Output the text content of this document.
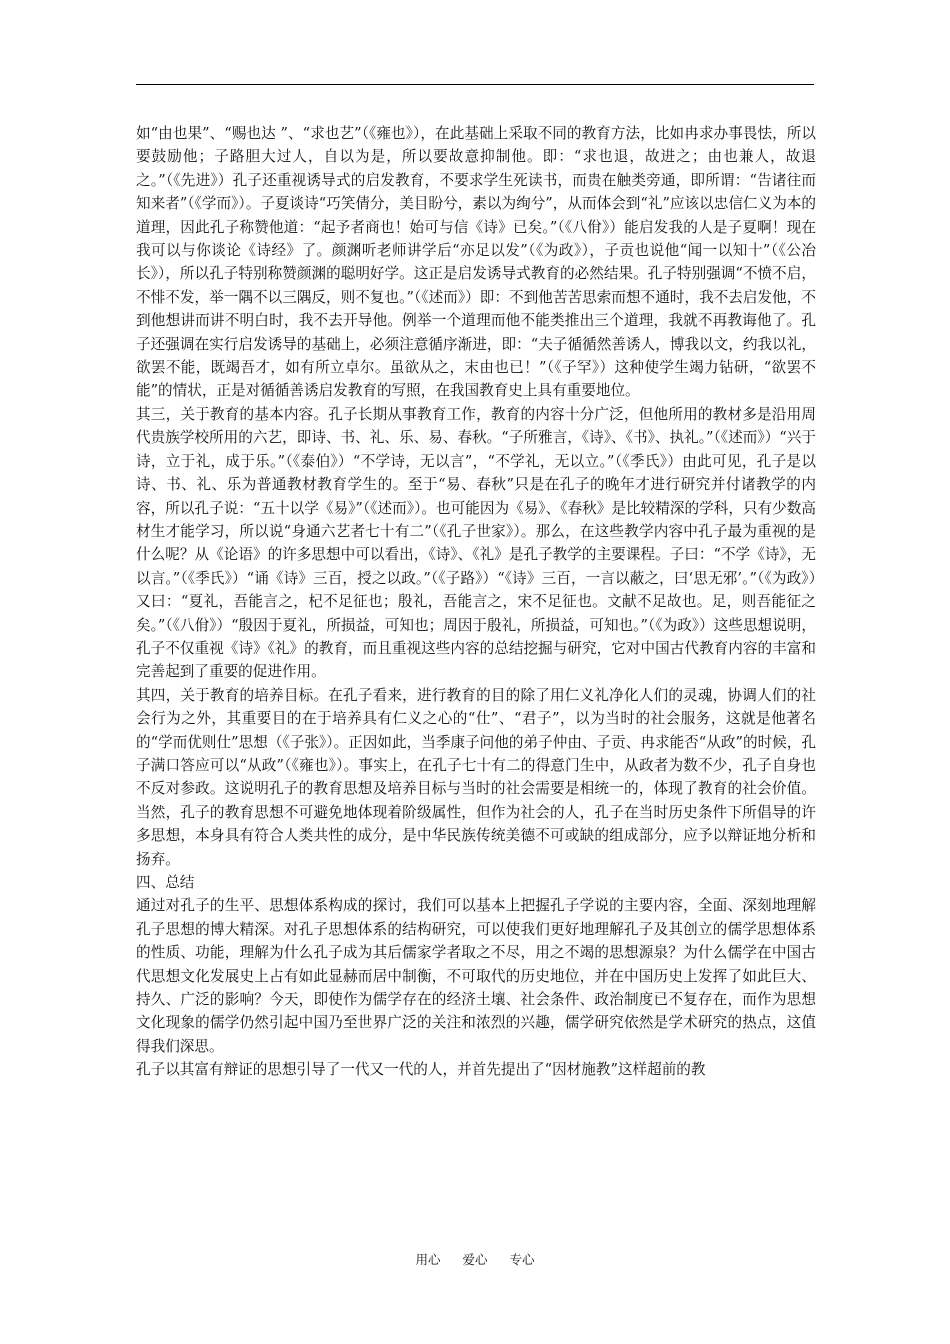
如“由也果”、“赐也达 ”、“求也艺”（《雍也》），在此基础上采取不同的教育方法，比如冉求办事畏怯，所以要鼓励他；子路胆大过人，自以为是，所以要故意抑制他。即：“求也退，故进之；由也兼人，故退之。”（《先进》）孔子还重视诱导式的启发教育，不要求学生死读书，而贵在触类旁通，即所谓：“告诸往而知来者”（《学而》）。子夏谈诗“巧笑倩分，美目盼兮，素以为绚兮”，从而体会到“礼”应该以忠信仁义为本的道理，因此孔子称赞他道：“起予者商也！始可与信《诗》已矣。”（《八佾》）能启发我的人是子夏啊！现在我可以与你谈论《诗经》了。颜渊听老师讲学后“亦足以发”（《为政》），子贡也说他“闻一以知十”（《公冶长》），所以孔子特别称赞颜渊的聪明好学。这正是启发诱导式教育的必然结果。孔子特别强调“不愤不启，不悱不发，举一隅不以三隅反，则不复也。”（《述而》）即：不到他苦苦思索而想不通时，我不去启发他，不到他想讲而讲不明白时，我不去开导他。例举一个道理而他不能类推出三个道理，我就不再教诲他了。孔子还强调在实行启发诱导的基础上，必须注意循序渐进，即：“夫子循循然善诱人，博我以文，约我以礼，欲罢不能，既竭吾才，如有所立卓尔。虽欲从之，末由也已！”（《子罕》）这种使学生竭力钻研，“欲罢不能”的情状，正是对循循善诱启发教育的写照，在我国教育史上具有重要地位。

其三，关于教育的基本内容。孔子长期从事教育工作，教育的内容十分广泛，但他所用的教材多是沿用周代贵族学校所用的六艺，即诗、书、礼、乐、易、春秋。“子所雅言，《诗》、《书》、执礼。”（《述而》）“兴于诗，立于礼，成于乐。”（《泰伯》）“不学诗，无以言”，“不学礼，无以立。”（《季氏》）由此可见，孔子是以诗、书、礼、乐为普通教材教育学生的。至于“易、春秋”只是在孔子的晚年才进行研究并付诸教学的内容，所以孔子说：“五十以学《易》”（《述而》）。也可能因为《易》、《春秋》是比较精深的学科，只有少数高材生才能学习，所以说“身通六艺者七十有二”（《孔子世家》）。那么，在这些教学内容中孔子最为重视的是什么呢？从《论语》的许多思想中可以看出，《诗》、《礼》是孔子教学的主要课程。子曰：“不学《诗》，无以言。”（《季氏》）“诵《诗》三百，授之以政。”（《子路》）“《诗》三百，一言以蔽之，曰‘思无邪’。”（《为政》）又曰：“夏礼，吾能言之，杞不足征也；殷礼，吾能言之，宋不足征也。文献不足故也。足，则吾能征之矣。”（《八佾》）“殷因于夏礼，所损益，可知也；周因于殷礼，所损益，可知也。”（《为政》）这些思想说明，孔子不仅重视《诗》《礼》的教育，而且重视这些内容的总结挖掘与研究，它对中国古代教育内容的丰富和完善起到了重要的促进作用。

其四，关于教育的培养目标。在孔子看来，进行教育的目的除了用仁义礼净化人们的灵魂，协调人们的社会行为之外，其重要目的在于培养具有仁义之心的“仕”、“君子”，以为当时的社会服务，这就是他著名的“学而优则仕”思想（《子张》）。正因如此，当季康子问他的弟子仲由、子贡、冉求能否“从政”的时候，孔子满口答应可以“从政”（《雍也》）。事实上，在孔子七十有二的得意门生中，从政者为数不少，孔子自身也不反对参政。这说明孔子的教育思想及培养目标与当时的社会需要是相统一的，体现了教育的社会价值。当然，孔子的教育思想不可避免地体现着阶级属性，但作为社会的人，孔子在当时历史条件下所倡导的许多思想，本身具有符合人类共性的成分，是中华民族传统美德不可或缺的组成部分，应予以辩证地分析和扬弃。

四、总结

通过对孔子的生平、思想体系构成的探讨，我们可以基本上把握孔子学说的主要内容，全面、深刻地理解孔子思想的博大精深。对孔子思想体系的结构研究，可以使我们更好地理解孔子及其创立的儒学思想体系的性质、功能，理解为什么孔子成为其后儒家学者取之不尽，用之不竭的思想源泉？为什么儒学在中国古代思想文化发展史上占有如此显赫而居中制衡，不可取代的历史地位，并在中国历史上发挥了如此巨大、持久、广泛的影响？今天，即使作为儒学存在的经济土壤、社会条件、政治制度已不复存在，而作为思想文化现象的儒学仍然引起中国乃至世界广泛的关注和浓烈的兴趣，儒学研究依然是学术研究的热点，这值得我们深思。

孔子以其富有辩证的思想引导了一代又一代的人，并首先提出了“因材施教”这样超前的教

用心 爱心 专心
